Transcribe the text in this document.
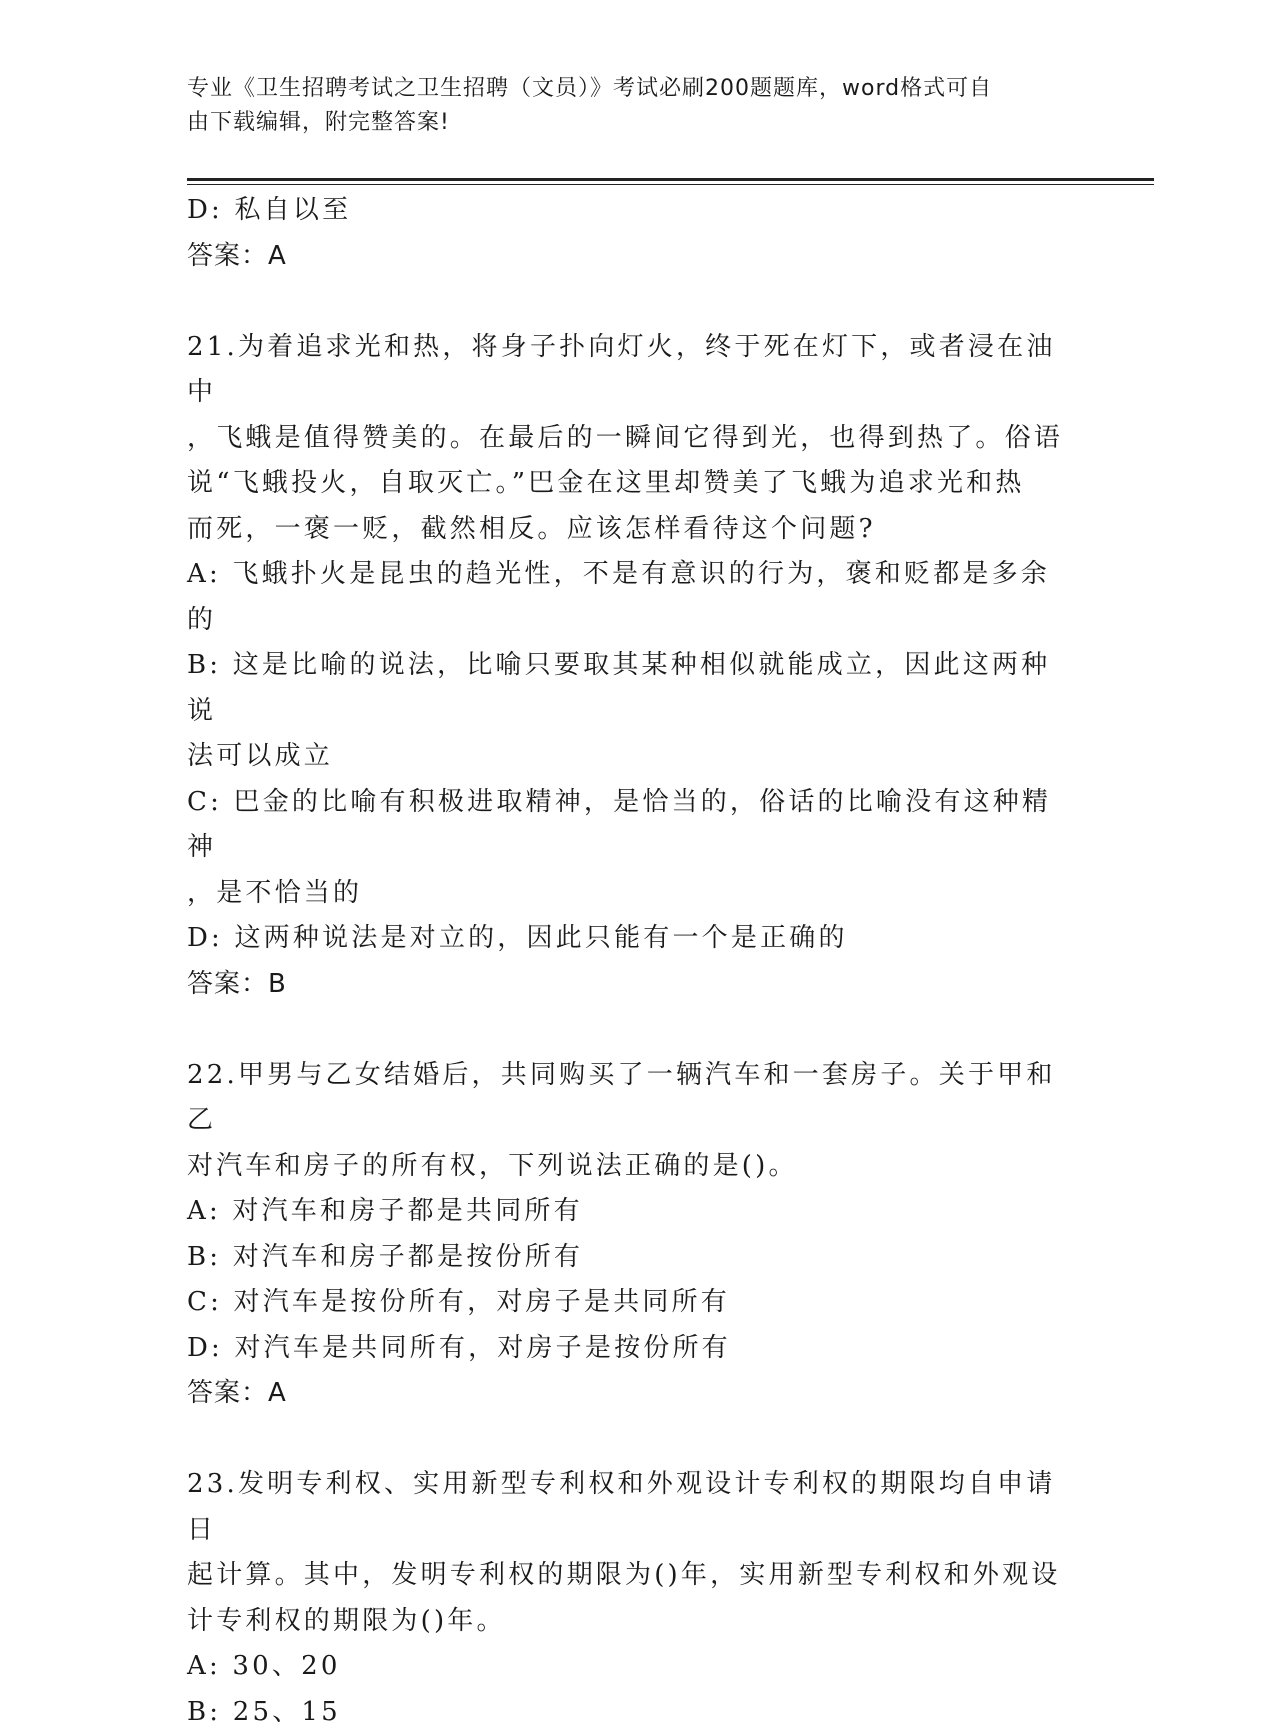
专业《卫生招聘考试之卫生招聘（文员）》考试必刷200题题库，word格式可自
由下载编辑，附完整答案!

D: 私自以至

答案：A

21.为着追求光和热，将身子扑向灯火，终于死在灯下，或者浸在油中

，飞蛾是值得赞美的。在最后的一瞬间它得到光，也得到热了。俗语

说“飞蛾投火，自取灭亡。”巴金在这里却赞美了飞蛾为追求光和热

而死，一褒一贬，截然相反。应该怎样看待这个问题?

A: 飞蛾扑火是昆虫的趋光性，不是有意识的行为，褒和贬都是多余的

B: 这是比喻的说法，比喻只要取其某种相似就能成立，因此这两种说

法可以成立

C: 巴金的比喻有积极进取精神，是恰当的，俗话的比喻没有这种精神

，是不恰当的

D: 这两种说法是对立的，因此只能有一个是正确的

答案：B

22.甲男与乙女结婚后，共同购买了一辆汽车和一套房子。关于甲和乙

对汽车和房子的所有权，下列说法正确的是()。

A: 对汽车和房子都是共同所有

B: 对汽车和房子都是按份所有

C: 对汽车是按份所有，对房子是共同所有

D: 对汽车是共同所有，对房子是按份所有

答案：A

23.发明专利权、实用新型专利权和外观设计专利权的期限均自申请日

起计算。其中，发明专利权的期限为()年，实用新型专利权和外观设

计专利权的期限为()年。

A: 30、20

B: 25、15
